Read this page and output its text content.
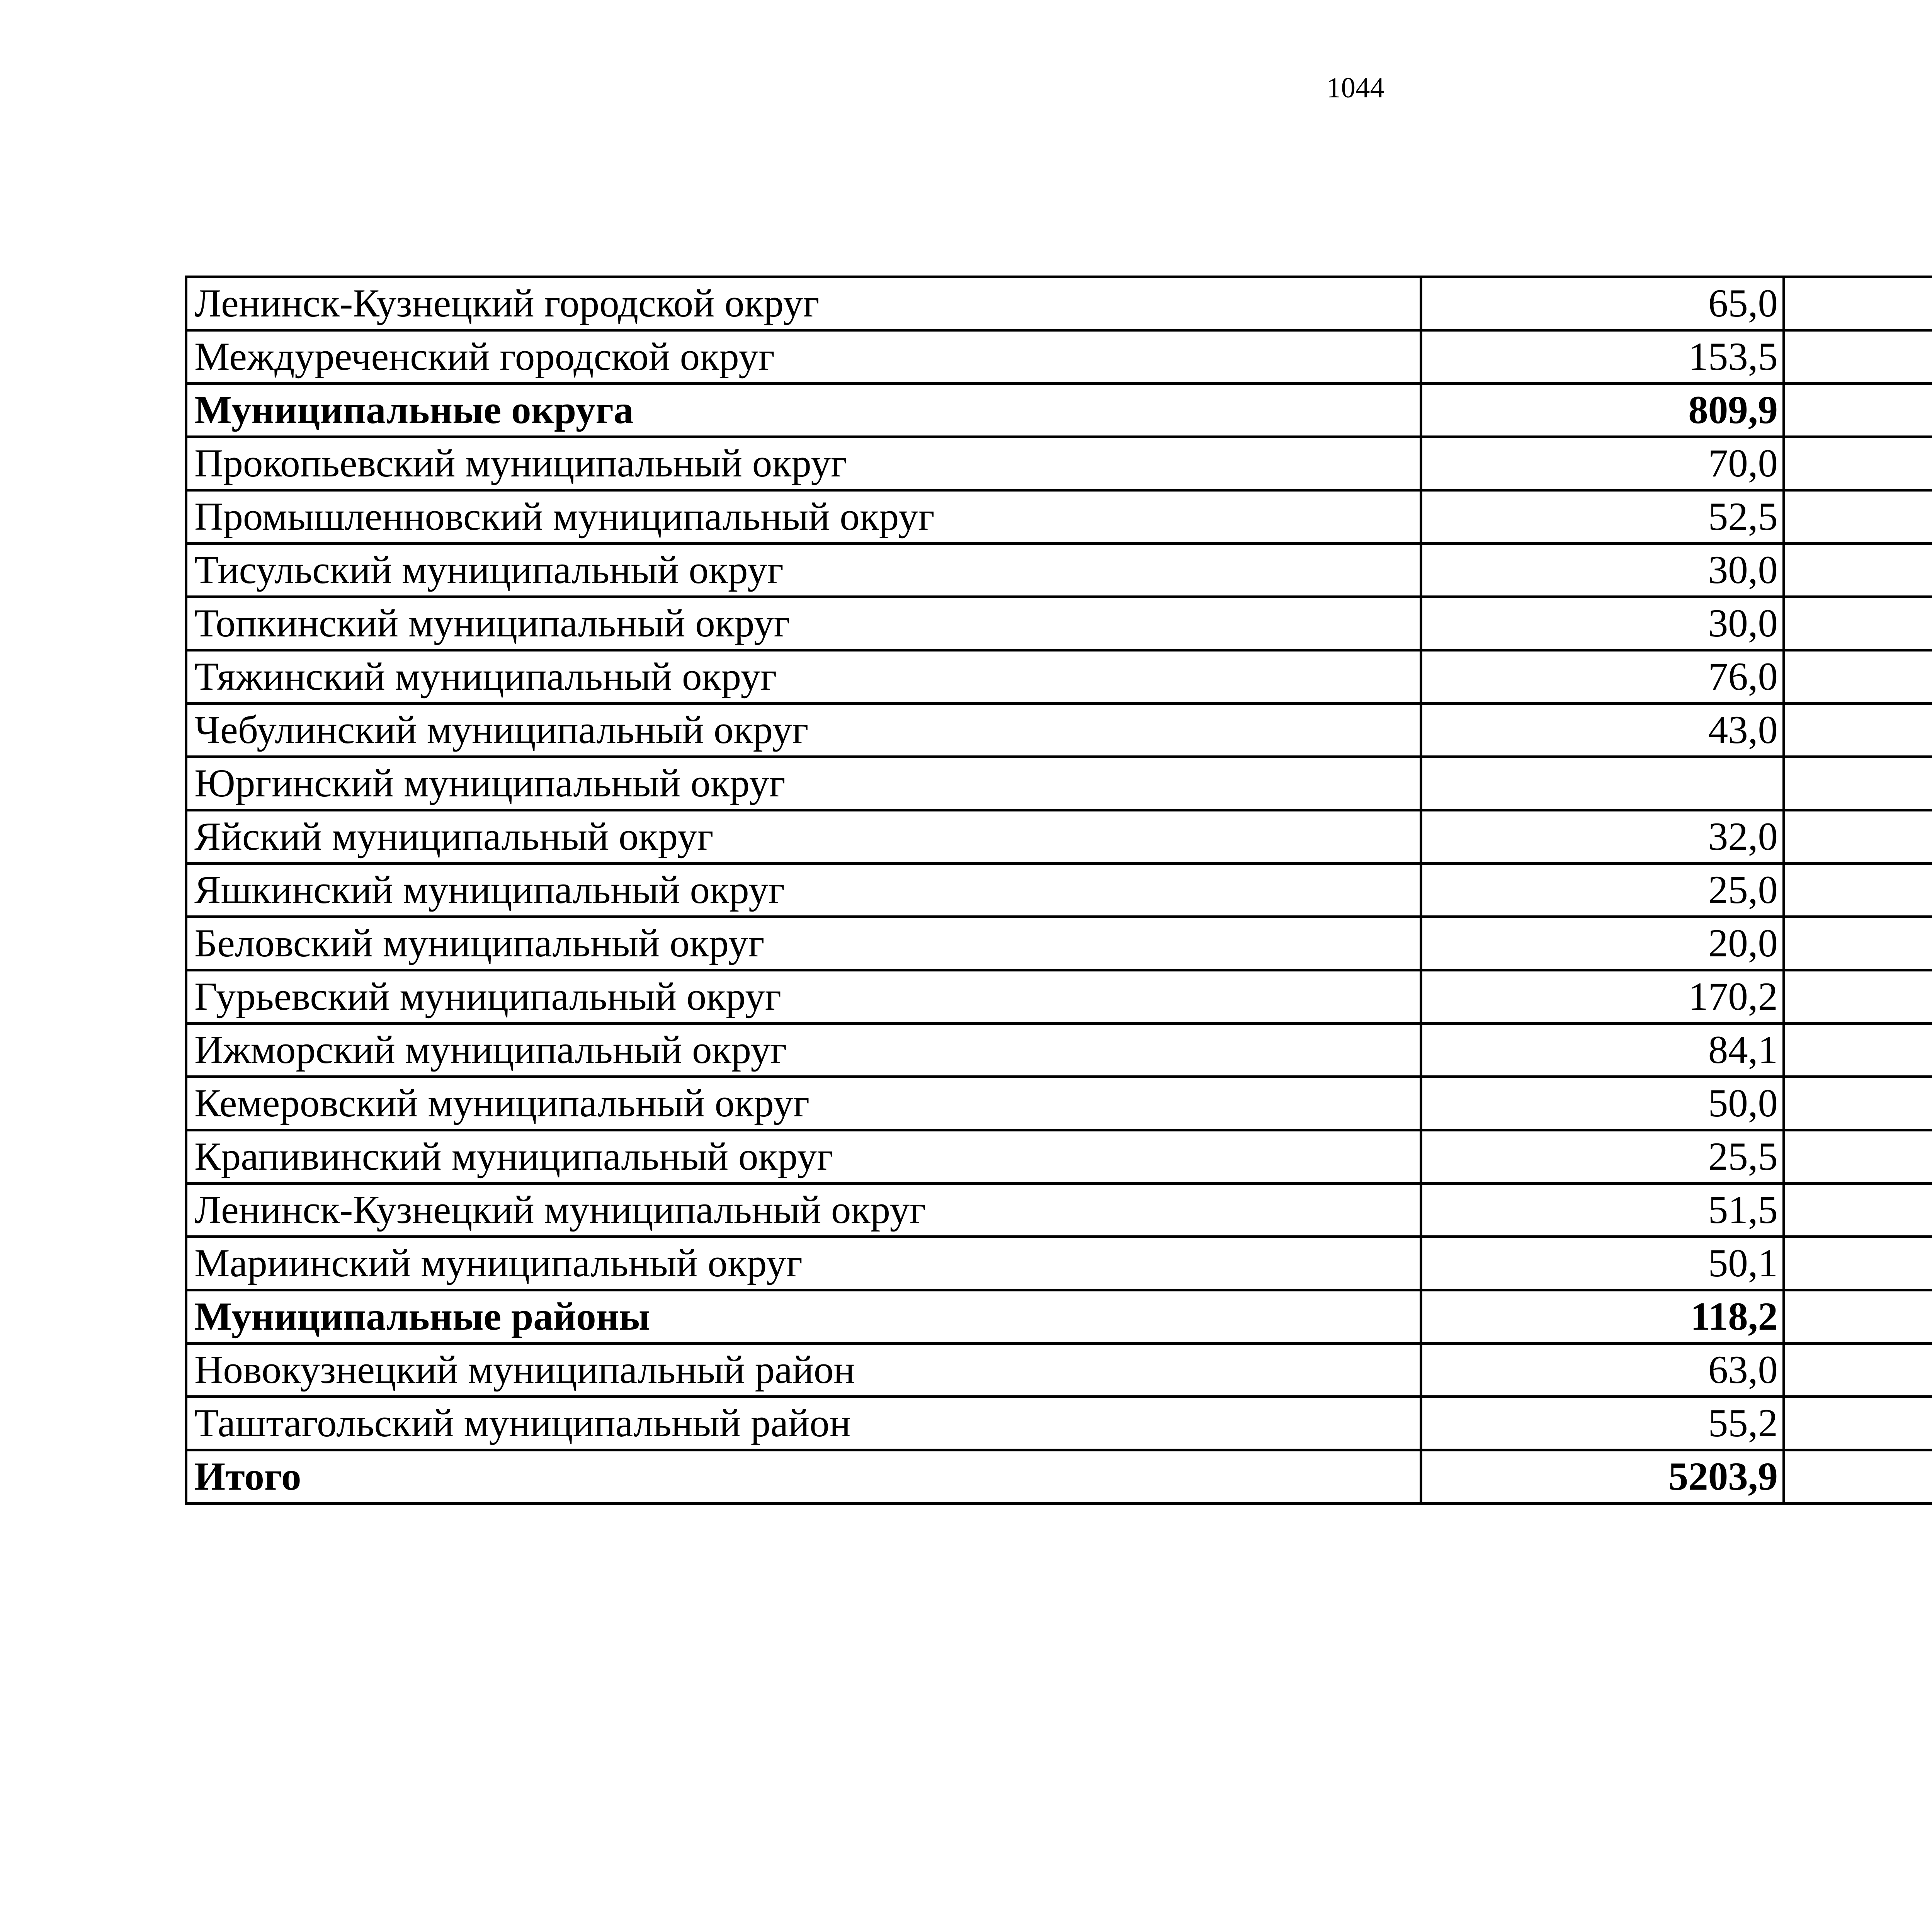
1044
Ленинск-Кузнецкий городской округ	65,0		
Междуреченский городской округ	153,5		
Муниципальные округа	809,9		
Прокопьевский муниципальный округ	70,0		
Промышленновский муниципальный округ	52,5		
Тисульский муниципальный округ	30,0		
Топкинский муниципальный округ	30,0		
Тяжинский муниципальный округ	76,0		
Чебулинский муниципальный округ	43,0		
Юргинский муниципальный округ			
Яйский муниципальный округ	32,0		
Яшкинский муниципальный округ	25,0		
Беловский муниципальный округ	20,0		
Гурьевский муниципальный округ	170,2		
Ижморский муниципальный округ	84,1		
Кемеровский муниципальный округ	50,0		
Крапивинский муниципальный округ	25,5		
Ленинск-Кузнецкий муниципальный округ	51,5		
Мариинский муниципальный округ	50,1		
Муниципальные районы	118,2		
Новокузнецкий муниципальный район	63,0		
Таштагольский муниципальный район	55,2		
Итого	5203,9		
